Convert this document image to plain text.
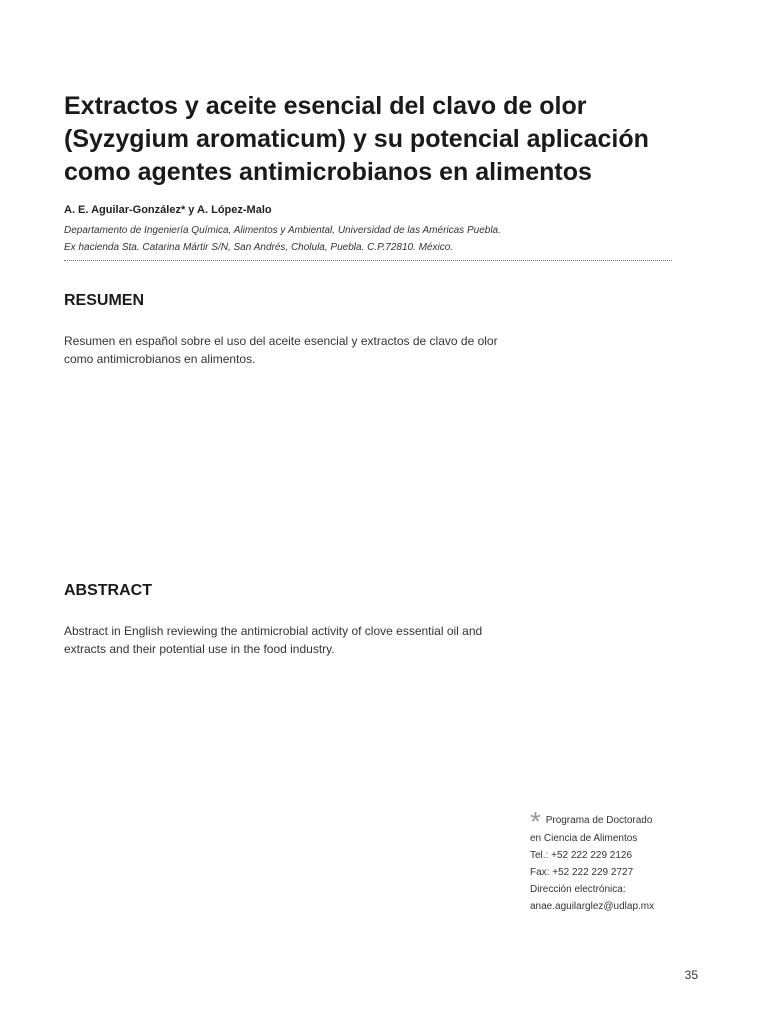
Extractos y aceite esencial del clavo de olor (Syzygium aromaticum) y su potencial aplicación como agentes antimicrobianos en alimentos

A. E. Aguilar-González* y A. López-Malo

Departamento de Ingeniería Química, Alimentos y Ambiental, Universidad de las Américas Puebla.
Ex hacienda Sta. Catarina Mártir S/N, San Andrés, Cholula, Puebla. C.P.72810. México.
RESUMEN

Resumen en español sobre el uso del aceite esencial y extractos de clavo de olor como antimicrobianos en alimentos.

ABSTRACT

Abstract in English reviewing the antimicrobial activity of clove essential oil and extracts and their potential use in the food industry.

* Programa de Doctorado
en Ciencia de Alimentos
Tel.: +52 222 229 2126
Fax: +52 222 229 2727
Dirección electrónica:
anae.aguilarglez@udlap.mx

35
